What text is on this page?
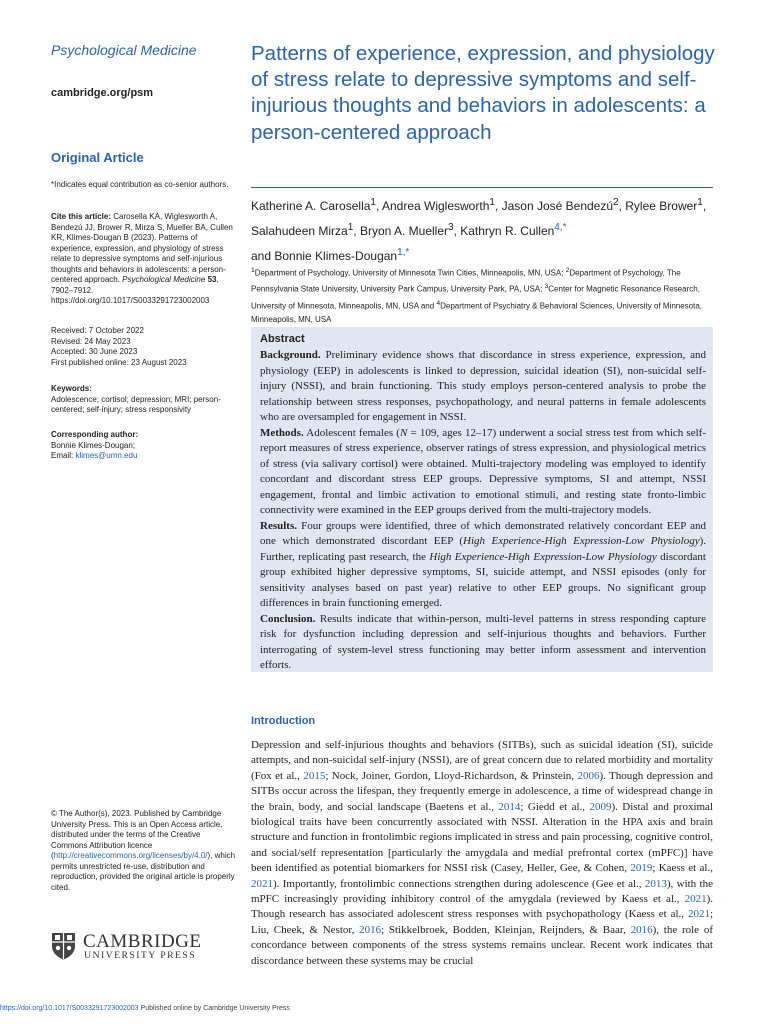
Psychological Medicine
cambridge.org/psm
Original Article
*Indicates equal contribution as co-senior authors.
Cite this article: Carosella KA, Wiglesworth A, Bendezú JJ, Brower R, Mirza S, Mueller BA, Cullen KR, Klimes-Dougan B (2023). Patterns of experience, expression, and physiology of stress relate to depressive symptoms and self-injurious thoughts and behaviors in adolescents: a person-centered approach. Psychological Medicine 53, 7902–7912. https://doi.org/10.1017/S0033291723002003
Received: 7 October 2022
Revised: 24 May 2023
Accepted: 30 June 2023
First published online: 23 August 2023
Keywords:
Adolescence; cortisol; depression; MRI; person-centered; self-injury; stress responsivity
Corresponding author:
Bonnie Klimes-Dougan;
Email: klimes@umn.edu
© The Author(s), 2023. Published by Cambridge University Press. This is an Open Access article, distributed under the terms of the Creative Commons Attribution licence (http://creativecommons.org/licenses/by/4.0/), which permits unrestricted re-use, distribution and reproduction, provided the original article is properly cited.
CAMBRIDGE
UNIVERSITY PRESS
Patterns of experience, expression, and physiology of stress relate to depressive symptoms and self-injurious thoughts and behaviors in adolescents: a person-centered approach
Katherine A. Carosella$^1$, Andrea Wiglesworth$^1$, Jason José Bendezú$^2$, Rylee Brower$^1$, Salahudeen Mirza$^1$, Bryon A. Mueller$^3$, Kathryn R. Cullen$^{4,*}$
and Bonnie Klimes-Dougan$^{1,*}$
$^1$Department of Psychology, University of Minnesota Twin Cities, Minneapolis, MN, USA; $^2$Department of Psychology, The Pennsylvania State University, University Park Campus, University Park, PA, USA; $^3$Center for Magnetic Resonance Research, University of Minnesota, Minneapolis, MN, USA and $^4$Department of Psychiatry & Behavioral Sciences, University of Minnesota, Minneapolis, MN, USA
Abstract

Background. Preliminary evidence shows that discordance in stress experience, expression, and physiology (EEP) in adolescents is linked to depression, suicidal ideation (SI), non-suicidal self-injury (NSSI), and brain functioning. This study employs person-centered analysis to probe the relationship between stress responses, psychopathology, and neural patterns in female adolescents who are oversampled for engagement in NSSI.

Methods. Adolescent females (N = 109, ages 12–17) underwent a social stress test from which self-report measures of stress experience, observer ratings of stress expression, and physiological metrics of stress (via salivary cortisol) were obtained. Multi-trajectory modeling was employed to identify concordant and discordant stress EEP groups. Depressive symptoms, SI and attempt, NSSI engagement, frontal and limbic activation to emotional stimuli, and resting state fronto-limbic connectivity were examined in the EEP groups derived from the multi-trajectory models.

Results. Four groups were identified, three of which demonstrated relatively concordant EEP and one which demonstrated discordant EEP (High Experience-High Expression-Low Physiology). Further, replicating past research, the High Experience-High Expression-Low Physiology discordant group exhibited higher depressive symptoms, SI, suicide attempt, and NSSI episodes (only for sensitivity analyses based on past year) relative to other EEP groups. No significant group differences in brain functioning emerged.

Conclusion. Results indicate that within-person, multi-level patterns in stress responding capture risk for dysfunction including depression and self-injurious thoughts and behaviors. Further interrogating of system-level stress functioning may better inform assessment and intervention efforts.

Introduction

Depression and self-injurious thoughts and behaviors (SITBs), such as suicidal ideation (SI), suicide attempts, and non-suicidal self-injury (NSSI), are of great concern due to related morbidity and mortality (Fox et al., 2015; Nock, Joiner, Gordon, Lloyd-Richardson, & Prinstein, 2006). Though depression and SITBs occur across the lifespan, they frequently emerge in adolescence, a time of widespread change in the brain, body, and social landscape (Baetens et al., 2014; Giedd et al., 2009). Distal and proximal biological traits have been concurrently associated with NSSI. Alteration in the HPA axis and brain structure and function in frontolimbic regions implicated in stress and pain processing, cognitive control, and social/self representation [particularly the amygdala and medial prefrontal cortex (mPFC)] have been identified as potential biomarkers for NSSI risk (Casey, Heller, Gee, & Cohen, 2019; Kaess et al., 2021). Importantly, frontolimbic connections strengthen during adolescence (Gee et al., 2013), with the mPFC increasingly providing inhibitory control of the amygdala (reviewed by Kaess et al., 2021). Though research has associated adolescent stress responses with psychopathology (Kaess et al., 2021; Liu, Cheek, & Nestor, 2016; Stikkelbroek, Bodden, Kleinjan, Reijnders, & Baar, 2016), the role of concordance between components of the stress systems remains unclear. Recent work indicates that discordance between these systems may be crucial

https://doi.org/10.1017/S0033291723002003 Published online by Cambridge University Press
